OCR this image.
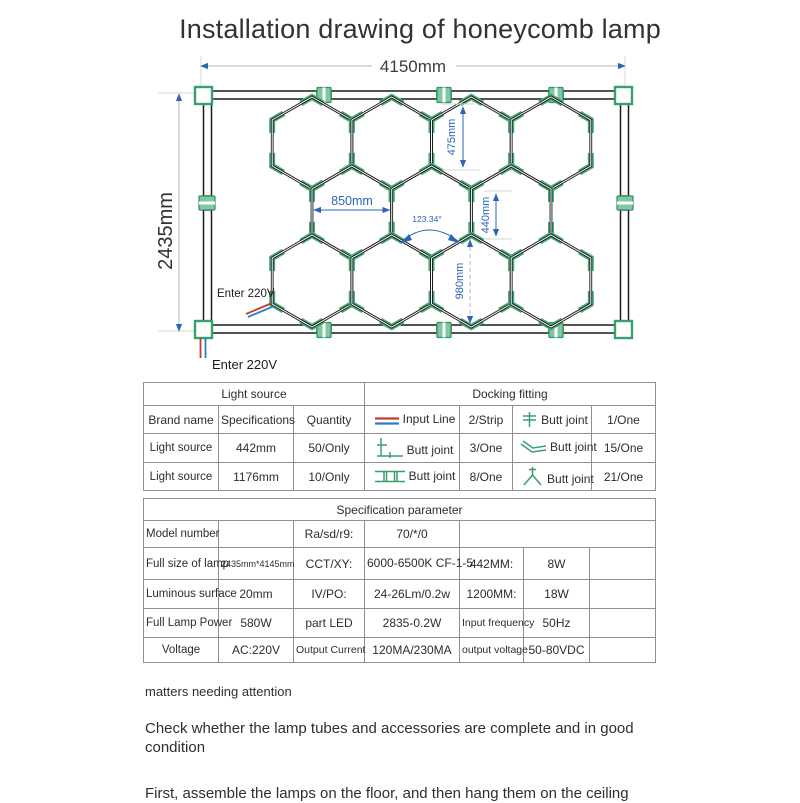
Installation drawing of honeycomb lamp
4150mm
2435mm
475mm
850mm	440mm
980mm
123.34°
Enter 220V
Enter 220V
Light source			Docking fitting			
Brand name	Specifications	Quantity	Input Line	2/Strip	Butt joint	1/One
Light source	442mm	50/Only	Butt joint	3/One	Butt joint	15/One
Light source	1176mm	10/Only	Butt joint	8/One	Butt joint	21/One
Specification parameter						
Model number		Ra/sd/r9:	70/*/0			
Full size of lamp	2435mm*4145mm	CCT/XY:	6000-6500K CF-1-5	442MM:	8W	
Luminous surface	20mm	IV/PO:	24-26Lm/0.2w	1200MM:	18W	
Full Lamp Power	580W	part LED	2835-0.2W	Input frequency	50Hz	
Voltage	AC:220V	Output Current	120MA/230MA	output voltage	50-80VDC	
matters needing attention
Check whether the lamp tubes and accessories are complete and in good condition
First, assemble the lamps on the floor, and then hang them on the ceiling
